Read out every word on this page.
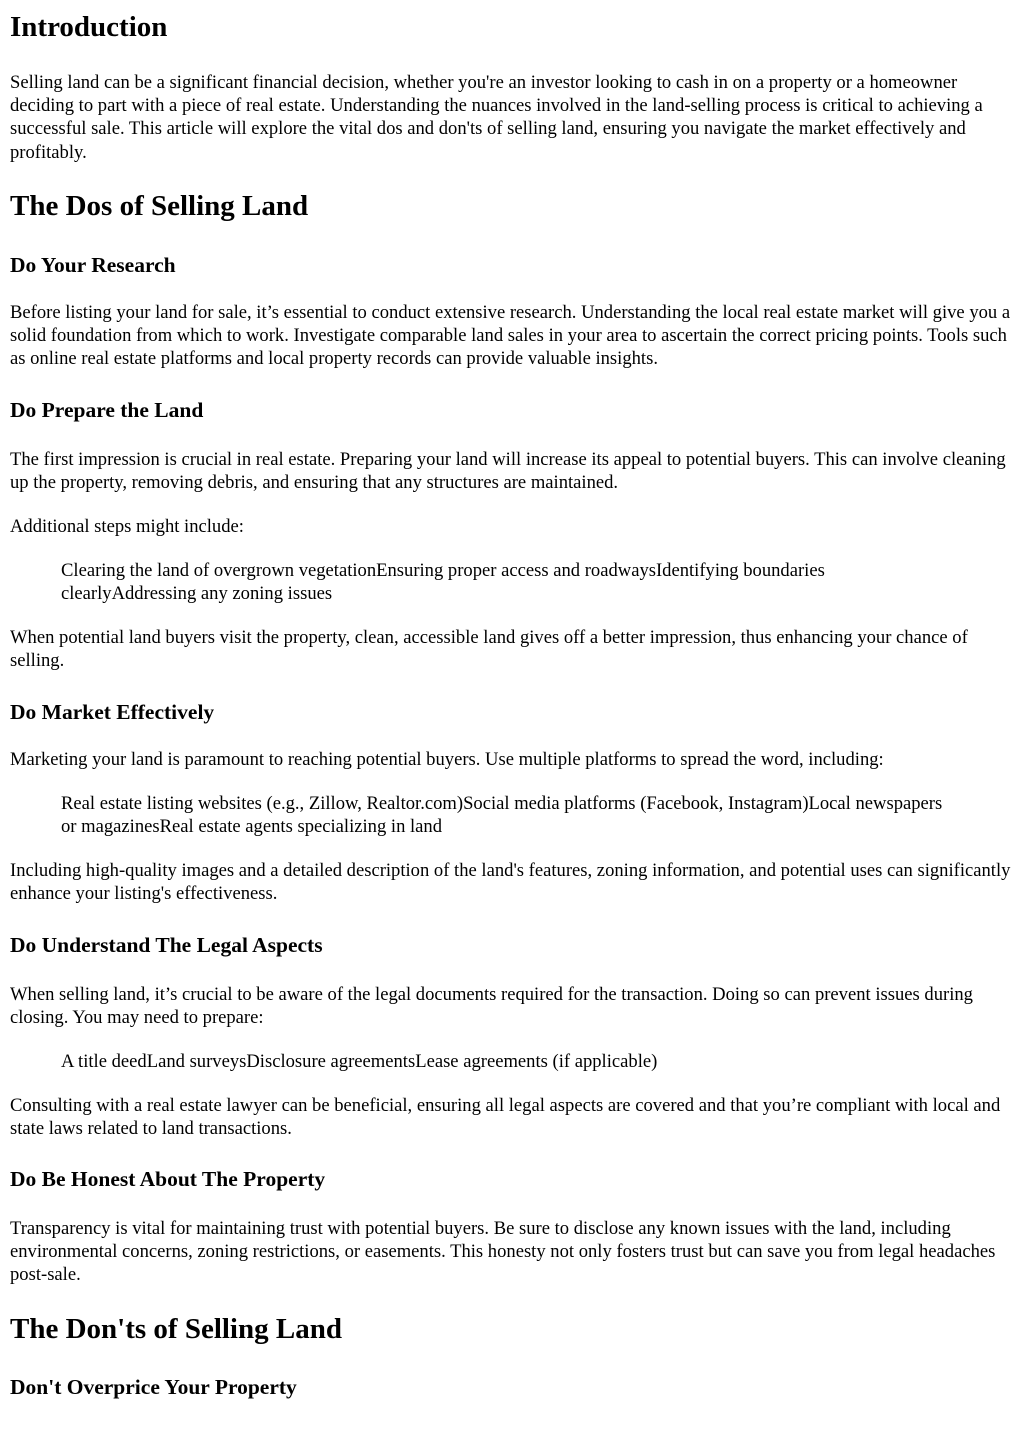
Introduction

Selling land can be a significant financial decision, whether you're an investor looking to cash in on a property or a homeowner deciding to part with a piece of real estate. Understanding the nuances involved in the land-selling process is critical to achieving a successful sale. This article will explore the vital dos and don'ts of selling land, ensuring you navigate the market effectively and profitably.

The Dos of Selling Land
Do Your Research

Before listing your land for sale, it’s essential to conduct extensive research. Understanding the local real estate market will give you a solid foundation from which to work. Investigate comparable land sales in your area to ascertain the correct pricing points. Tools such as online real estate platforms and local property records can provide valuable insights.

Do Prepare the Land

The first impression is crucial in real estate. Preparing your land will increase its appeal to potential buyers. This can involve cleaning up the property, removing debris, and ensuring that any structures are maintained.

Additional steps might include:

Clearing the land of overgrown vegetationEnsuring proper access and roadwaysIdentifying boundaries clearlyAddressing any zoning issues

When potential land buyers visit the property, clean, accessible land gives off a better impression, thus enhancing your chance of selling.

Do Market Effectively

Marketing your land is paramount to reaching potential buyers. Use multiple platforms to spread the word, including:

Real estate listing websites (e.g., Zillow, Realtor.com)Social media platforms (Facebook, Instagram)Local newspapers or magazinesReal estate agents specializing in land

Including high-quality images and a detailed description of the land's features, zoning information, and potential uses can significantly enhance your listing's effectiveness.

Do Understand The Legal Aspects

When selling land, it’s crucial to be aware of the legal documents required for the transaction. Doing so can prevent issues during closing. You may need to prepare:

A title deedLand surveysDisclosure agreementsLease agreements (if applicable)

Consulting with a real estate lawyer can be beneficial, ensuring all legal aspects are covered and that you’re compliant with local and state laws related to land transactions.

Do Be Honest About The Property

Transparency is vital for maintaining trust with potential buyers. Be sure to disclose any known issues with the land, including environmental concerns, zoning restrictions, or easements. This honesty not only fosters trust but can save you from legal headaches post-sale.

The Don'ts of Selling Land
Don't Overprice Your Property
